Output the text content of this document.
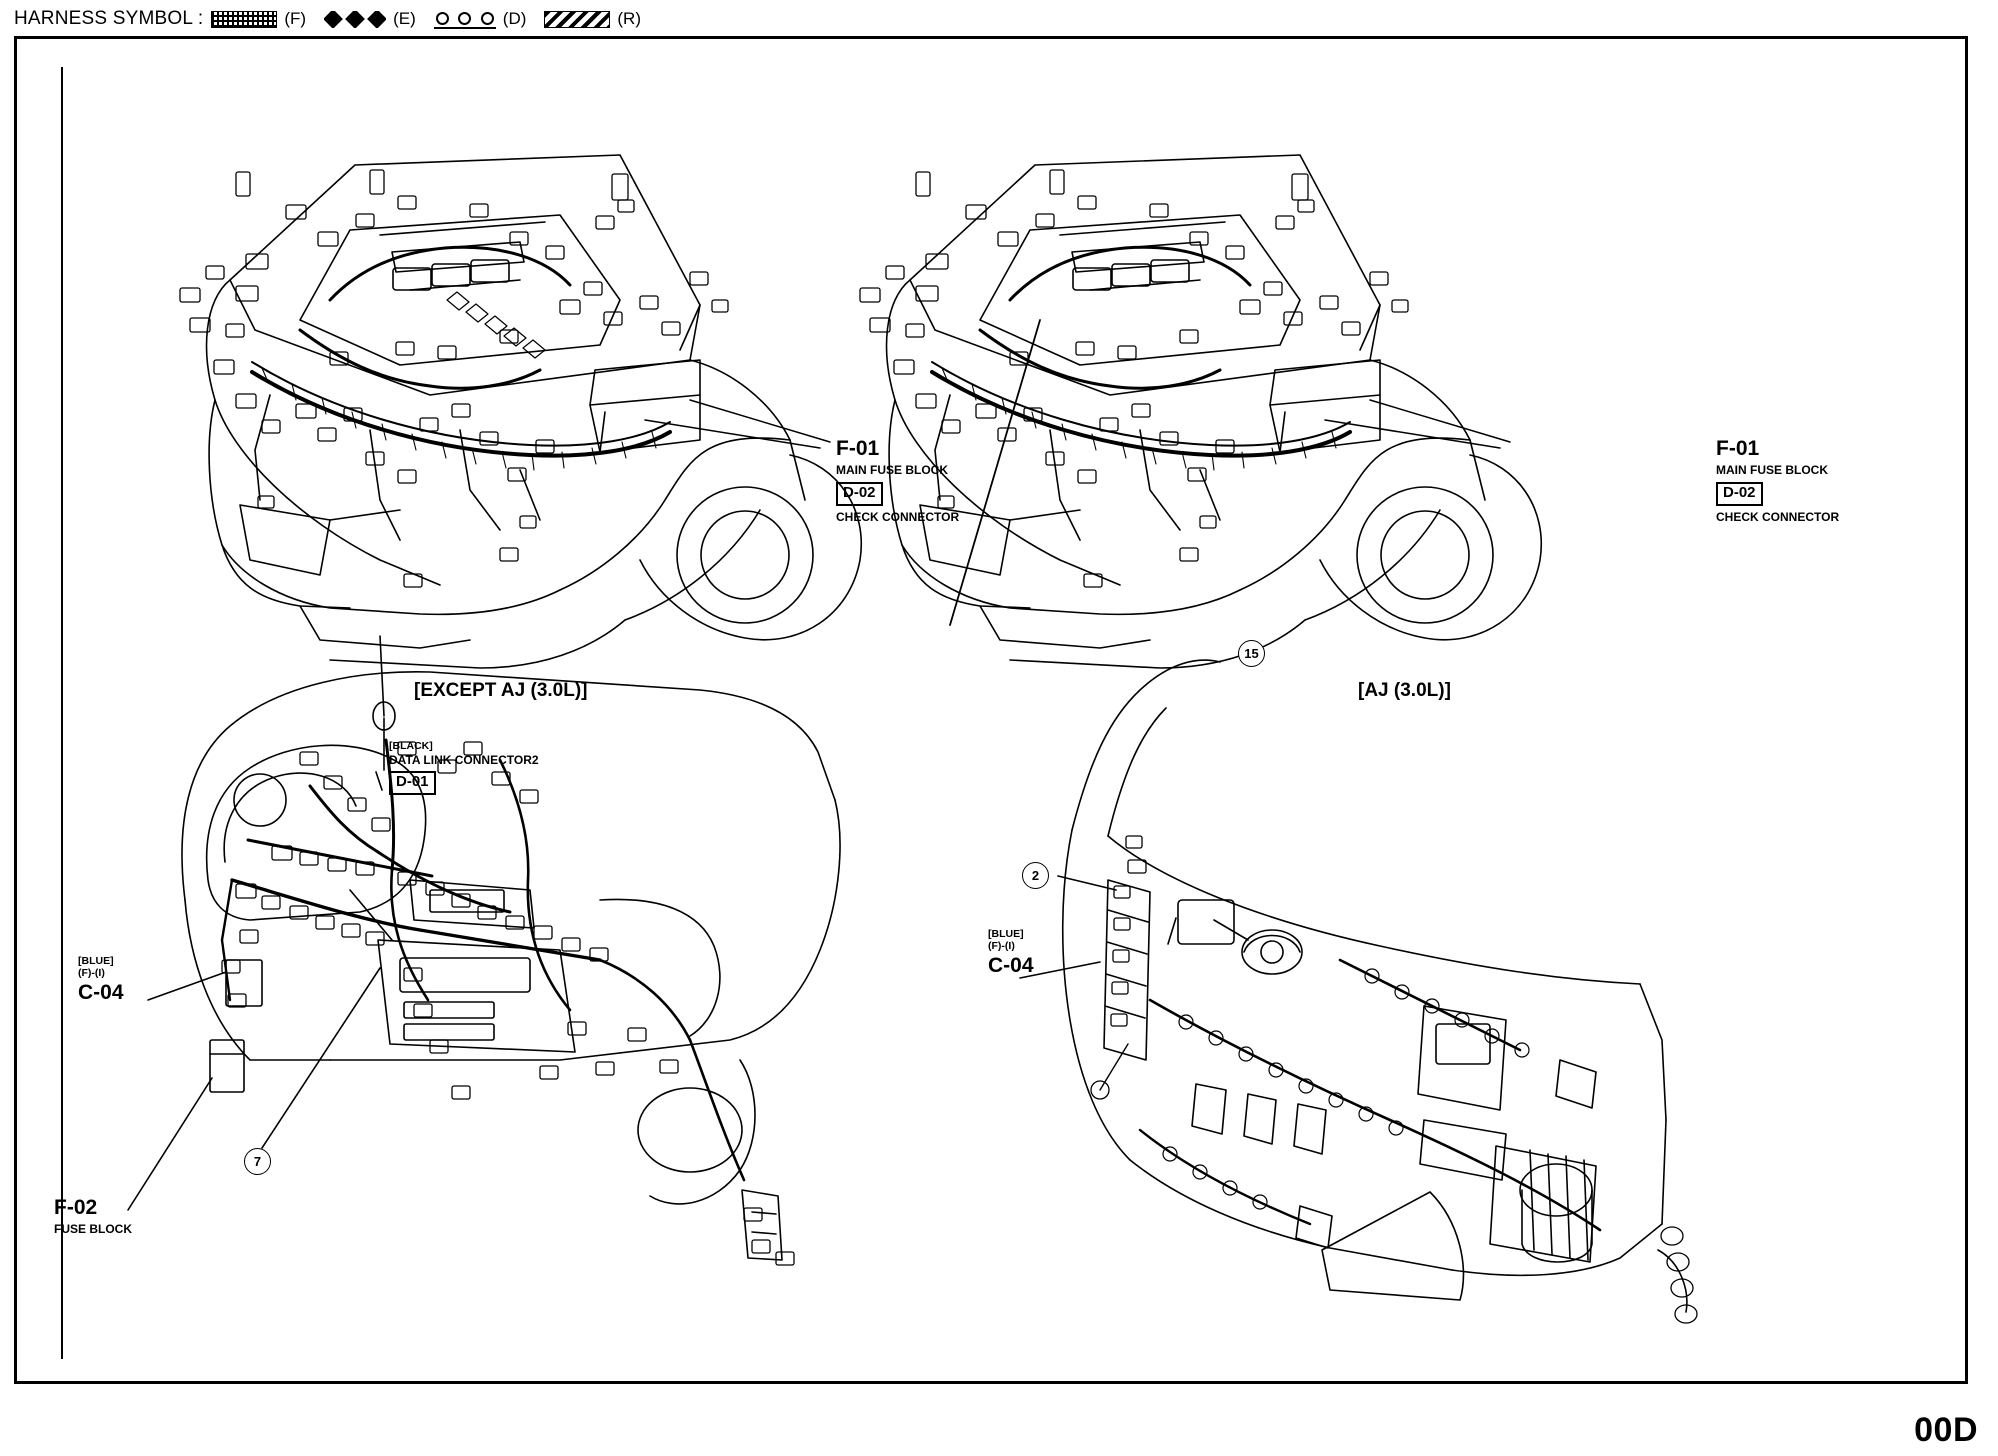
HARNESS SYMBOL :	(F)	(E)	(D)	(R)
F-01
MAIN FUSE BLOCK
D-02
CHECK CONNECTOR
[EXCEPT AJ (3.0L)]
F-01
MAIN FUSE BLOCK
D-02
CHECK CONNECTOR
15
[AJ (3.0L)]
[BLACK]
DATA LINK CONNECTOR2
D-01
[BLUE]
(F)-(I)
C-04
7
F-02
FUSE BLOCK
2
[BLUE]
(F)-(I)
C-04
00D
